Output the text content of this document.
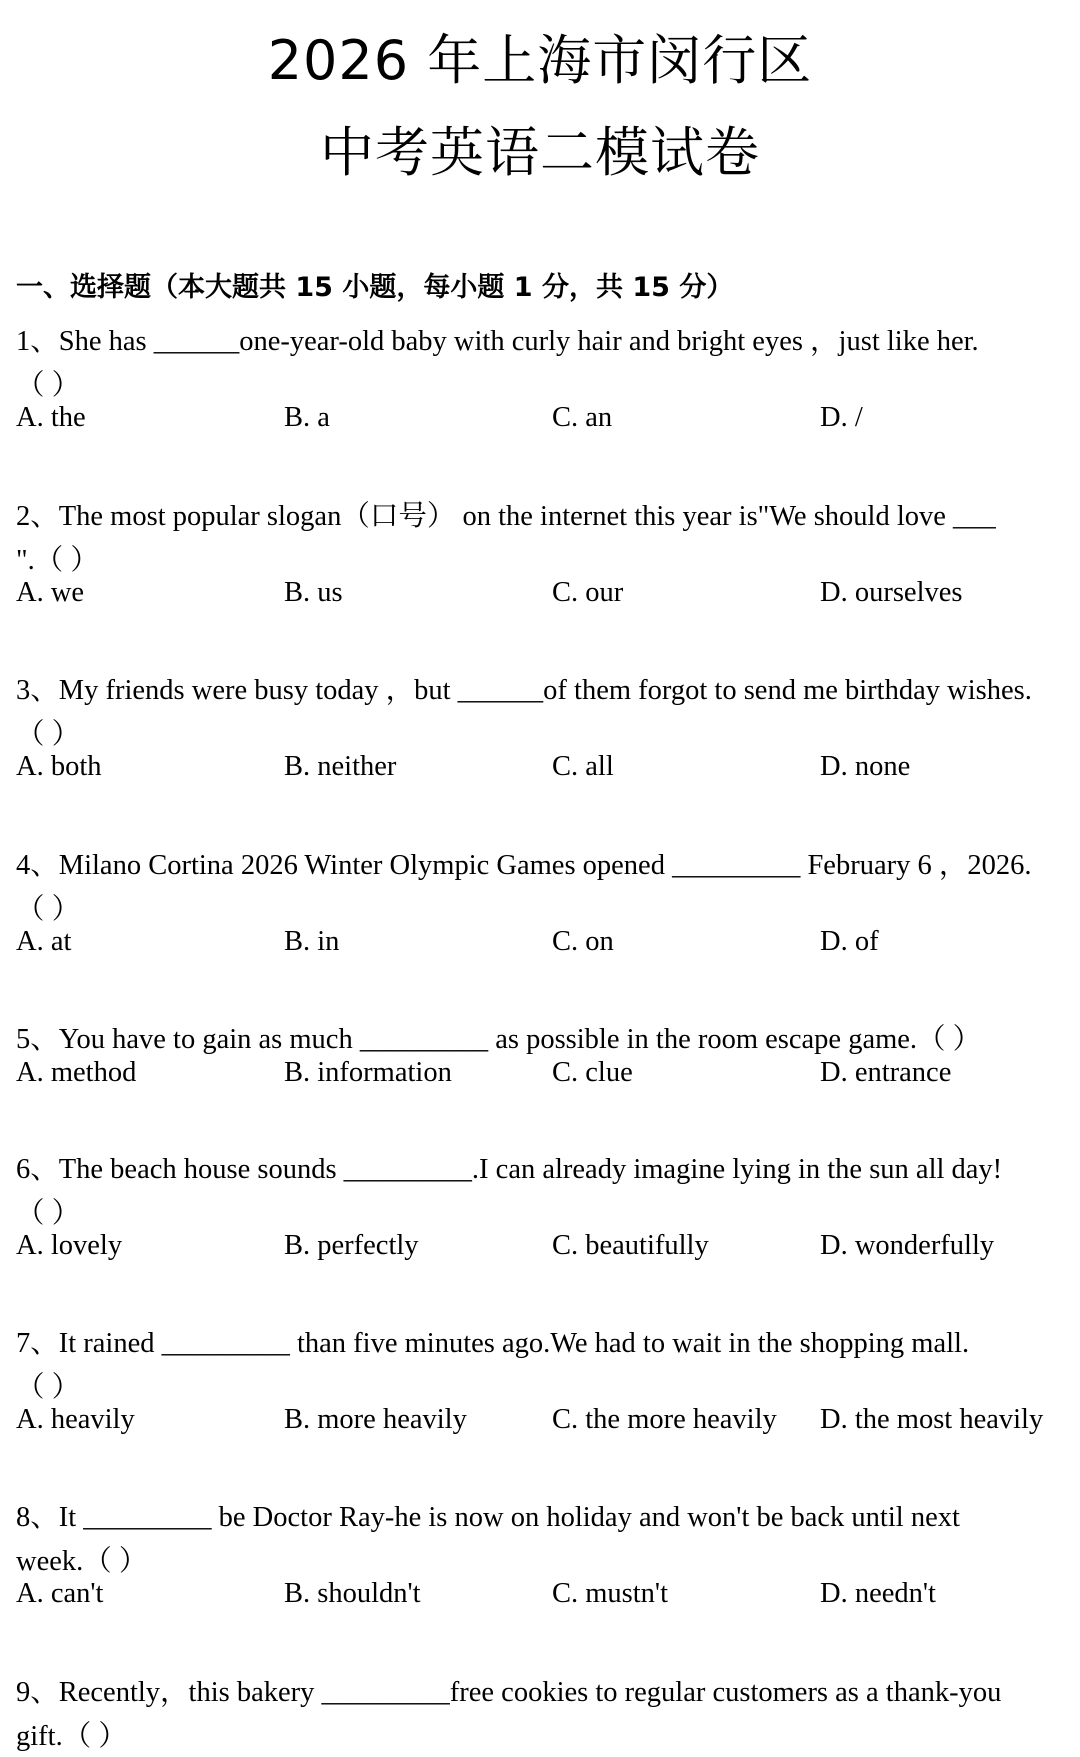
2026 年上海市闵行区
中考英语二模试卷
一、选择题（本大题共 15 小题，每小题 1 分，共 15 分）
1、She has ______one-year-old baby with curly hair and bright eyes ，just like her.
（ ）
A. the	B. a	C. an	D. /
2、The most popular slogan（口号） on the internet this year is"We should love ___
".（ ）
A. we	B. us	C. our	D. ourselves
3、My friends were busy today ，but ______of them forgot to send me birthday wishes.
（ ）
A. both	B. neither	C. all	D. none
4、Milano Cortina 2026 Winter Olympic Games opened _________ February 6 ，2026.
（ ）
A. at	B. in	C. on	D. of
5、You have to gain as much _________ as possible in the room escape game.（ ）
A. method	B. information	C. clue	D. entrance
6、The beach house sounds _________.I can already imagine lying in the sun all day!
（ ）
A. lovely	B. perfectly	C. beautifully	D. wonderfully
7、It rained _________ than five minutes ago.We had to wait in the shopping mall.
（ ）
A. heavily	B. more heavily	C. the more heavily D. the most heavily
8、It _________ be Doctor Ray-he is now on holiday and won't be back until next
week.（ ）
A. can't	B. shouldn't	C. mustn't	D. needn't
9、Recently，this bakery _________free cookies to regular customers as a thank-you
gift.（ ）
